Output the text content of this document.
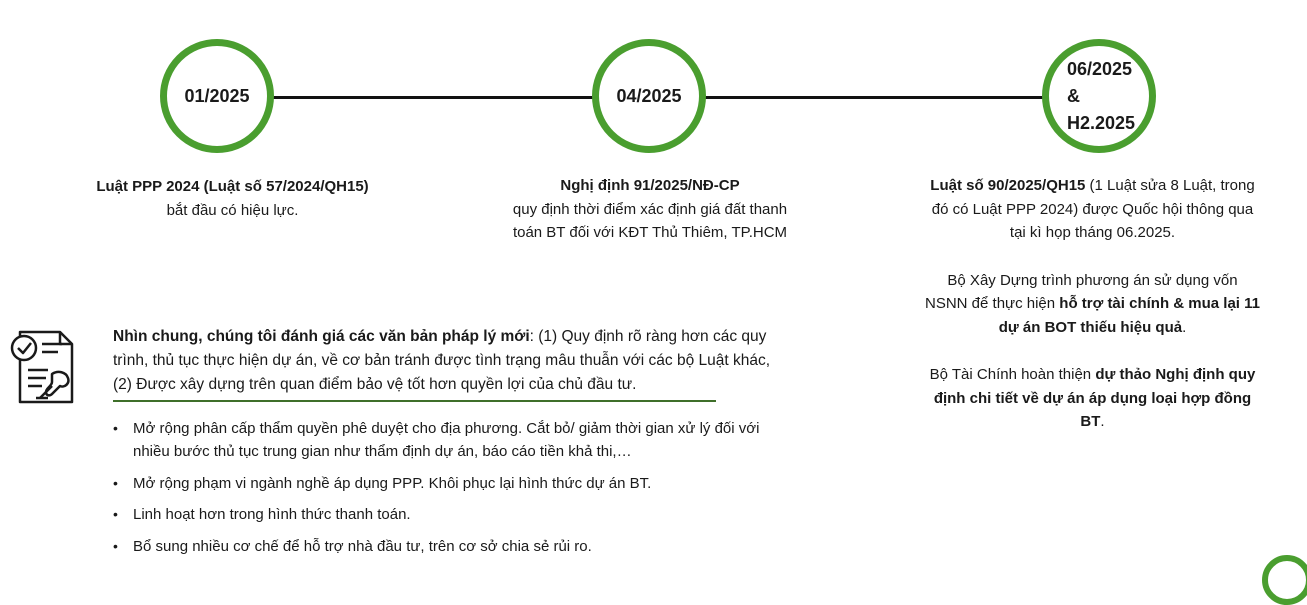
01/2025	04/2025
06/2025 &
H2.2025
Luật PPP 2024 (Luật số 57/2024/QH15)
bắt đầu có hiệu lực.
Nghị định 91/2025/NĐ-CP
quy định thời điểm xác định giá đất thanh
toán BT đối với KĐT Thủ Thiêm, TP.HCM
Luật số 90/2025/QH15 (1 Luật sửa 8 Luật, trong đó có Luật PPP 2024) được Quốc hội thông qua tại kì họp tháng 06.2025.
Bộ Xây Dựng trình phương án sử dụng vốn NSNN để thực hiện hỗ trợ tài chính & mua lại 11 dự án BOT thiếu hiệu quả.
Bộ Tài Chính hoàn thiện dự thảo Nghị định quy định chi tiết về dự án áp dụng loại hợp đồng BT.
Nhìn chung, chúng tôi đánh giá các văn bản pháp lý mới: (1) Quy định rõ ràng hơn các quy trình, thủ tục thực hiện dự án, về cơ bản tránh được tình trạng mâu thuẫn với các bộ Luật khác, (2) Được xây dựng trên quan điểm bảo vệ tốt hơn quyền lợi của chủ đầu tư.
• Mở rộng phân cấp thẩm quyền phê duyệt cho địa phương. Cắt bỏ/ giảm thời gian xử lý đối với nhiều bước thủ tục trung gian như thẩm định dự án, báo cáo tiền khả thi,…
• Mở rộng phạm vi ngành nghề áp dụng PPP. Khôi phục lại hình thức dự án BT.
• Linh hoạt hơn trong hình thức thanh toán.
• Bổ sung nhiều cơ chế để hỗ trợ nhà đầu tư, trên cơ sở chia sẻ rủi ro.
